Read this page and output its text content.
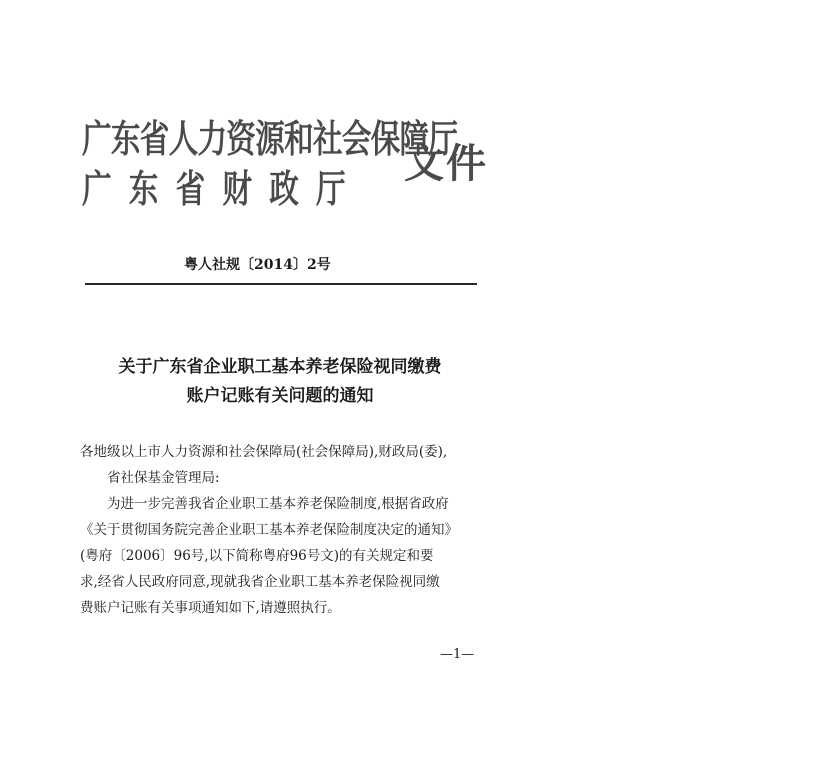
广东省人力资源和社会保障厅
广东省财政厅
文件
粤人社规〔2014〕2号
关于广东省企业职工基本养老保险视同缴费
账户记账有关问题的通知

各地级以上市人力资源和社会保障局(社会保障局),财政局(委),

省社保基金管理局:

为进一步完善我省企业职工基本养老保险制度,根据省政府

《关于贯彻国务院完善企业职工基本养老保险制度决定的通知》

(粤府〔2006〕96号,以下简称粤府96号文)的有关规定和要

求,经省人民政府同意,现就我省企业职工基本养老保险视同缴

费账户记账有关事项通知如下,请遵照执行。

—1—
